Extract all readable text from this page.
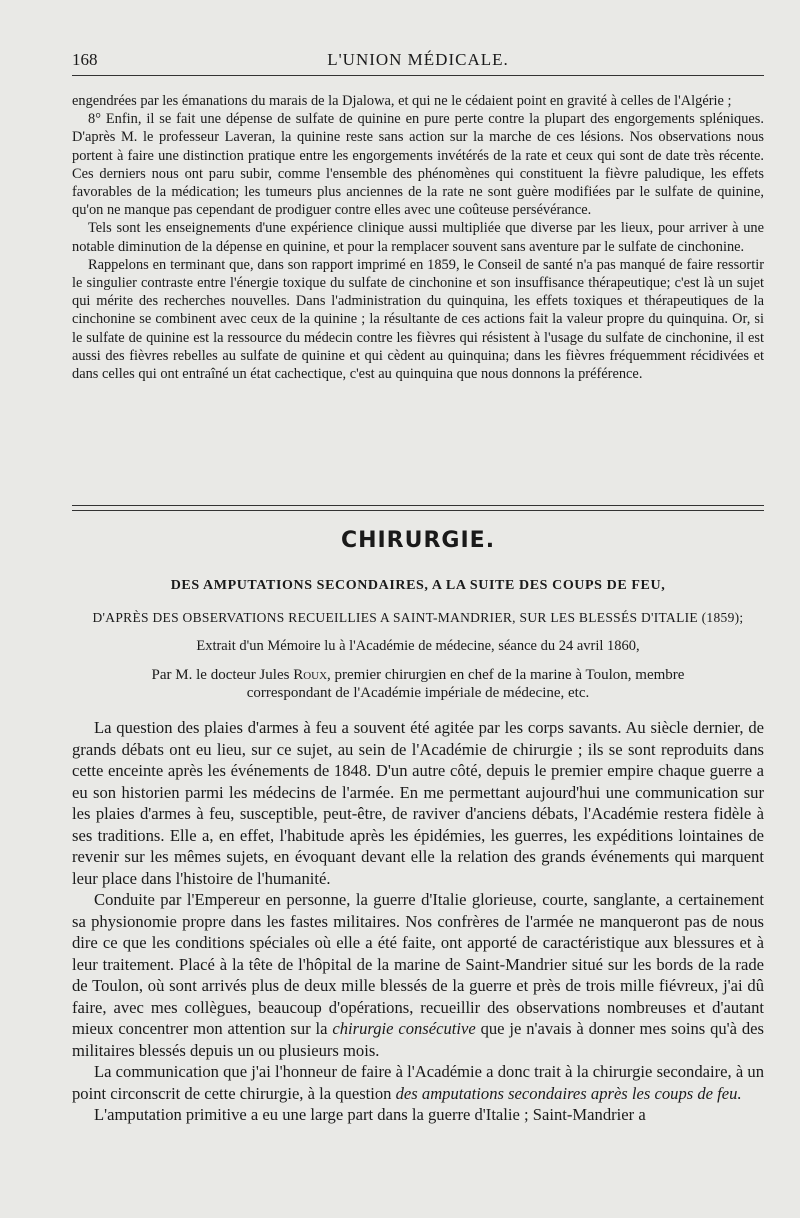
168	L'UNION MÉDICALE.

engendrées par les émanations du marais de la Djalowa, et qui ne le cédaient point en gravité à celles de l'Algérie ;

8° Enfin, il se fait une dépense de sulfate de quinine en pure perte contre la plupart des engorgements spléniques. D'après M. le professeur Laveran, la quinine reste sans action sur la marche de ces lésions. Nos observations nous portent à faire une distinction pratique entre les engorgements invétérés de la rate et ceux qui sont de date très récente. Ces derniers nous ont paru subir, comme l'ensemble des phénomènes qui constituent la fièvre paludique, les effets favorables de la médication; les tumeurs plus anciennes de la rate ne sont guère modifiées par le sulfate de quinine, qu'on ne manque pas cependant de prodiguer contre elles avec une coûteuse persévérance.

Tels sont les enseignements d'une expérience clinique aussi multipliée que diverse par les lieux, pour arriver à une notable diminution de la dépense en quinine, et pour la remplacer souvent sans aventure par le sulfate de cinchonine.

Rappelons en terminant que, dans son rapport imprimé en 1859, le Conseil de santé n'a pas manqué de faire ressortir le singulier contraste entre l'énergie toxique du sulfate de cinchonine et son insuffisance thérapeutique; c'est là un sujet qui mérite des recherches nouvelles. Dans l'administration du quinquina, les effets toxiques et thérapeutiques de la cinchonine se combinent avec ceux de la quinine ; la résultante de ces actions fait la valeur propre du quinquina. Or, si le sulfate de quinine est la ressource du médecin contre les fièvres qui résistent à l'usage du sulfate de cinchonine, il est aussi des fièvres rebelles au sulfate de quinine et qui cèdent au quinquina; dans les fièvres fréquemment récidivées et dans celles qui ont entraîné un état cachectique, c'est au quinquina que nous donnons la préférence.

CHIRURGIE.
DES AMPUTATIONS SECONDAIRES, A LA SUITE DES COUPS DE FEU,
D'APRÈS DES OBSERVATIONS RECUEILLIES A SAINT-MANDRIER, SUR LES BLESSÉS D'ITALIE (1859);
Extrait d'un Mémoire lu à l'Académie de médecine, séance du 24 avril 1860,
Par M. le docteur Jules Roux, premier chirurgien en chef de la marine à Toulon, membre
correspondant de l'Académie impériale de médecine, etc.

La question des plaies d'armes à feu a souvent été agitée par les corps savants. Au siècle dernier, de grands débats ont eu lieu, sur ce sujet, au sein de l'Académie de chirurgie ; ils se sont reproduits dans cette enceinte après les événements de 1848. D'un autre côté, depuis le premier empire chaque guerre a eu son historien parmi les médecins de l'armée. En me permettant aujourd'hui une communication sur les plaies d'armes à feu, susceptible, peut-être, de raviver d'anciens débats, l'Académie restera fidèle à ses traditions. Elle a, en effet, l'habitude après les épidémies, les guerres, les expéditions lointaines de revenir sur les mêmes sujets, en évoquant devant elle la relation des grands événements qui marquent leur place dans l'histoire de l'humanité.

Conduite par l'Empereur en personne, la guerre d'Italie glorieuse, courte, sanglante, a certainement sa physionomie propre dans les fastes militaires. Nos confrères de l'armée ne manqueront pas de nous dire ce que les conditions spéciales où elle a été faite, ont apporté de caractéristique aux blessures et à leur traitement. Placé à la tête de l'hôpital de la marine de Saint-Mandrier situé sur les bords de la rade de Toulon, où sont arrivés plus de deux mille blessés de la guerre et près de trois mille fiévreux, j'ai dû faire, avec mes collègues, beaucoup d'opérations, recueillir des observations nombreuses et d'autant mieux concentrer mon attention sur la chirurgie consécutive que je n'avais à donner mes soins qu'à des militaires blessés depuis un ou plusieurs mois.

La communication que j'ai l'honneur de faire à l'Académie a donc trait à la chirurgie secondaire, à un point circonscrit de cette chirurgie, à la question des amputations secondaires après les coups de feu.

L'amputation primitive a eu une large part dans la guerre d'Italie ; Saint-Mandrier a
